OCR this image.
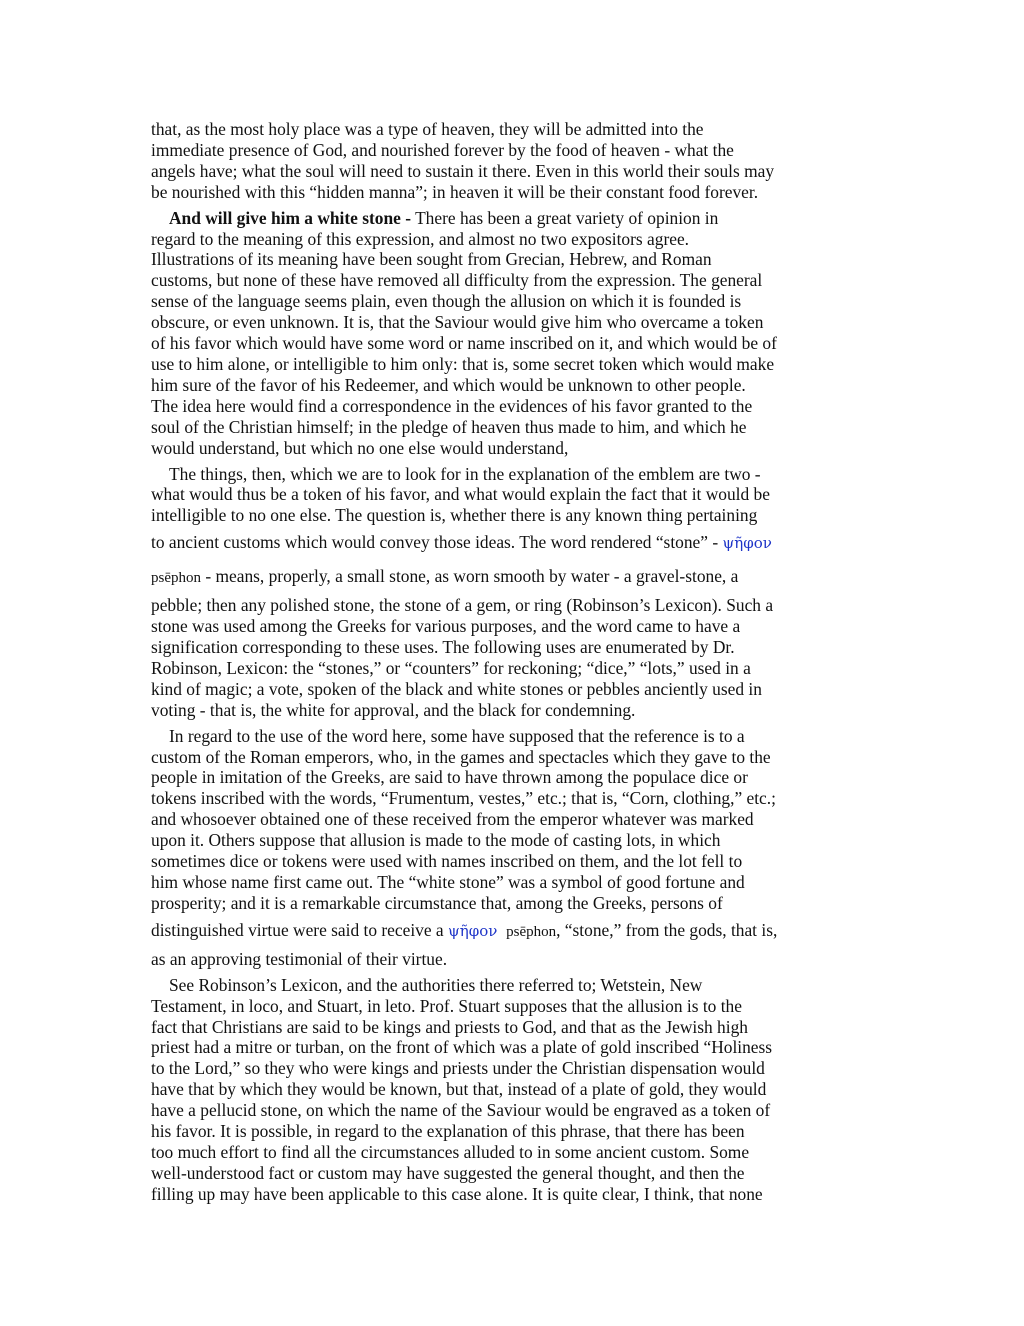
that, as the most holy place was a type of heaven, they will be admitted into the
immediate presence of God, and nourished forever by the food of heaven - what the
angels have; what the soul will need to sustain it there. Even in this world their souls may
be nourished with this “hidden manna”; in heaven it will be their constant food forever.
And will give him a white stone - There has been a great variety of opinion in
regard to the meaning of this expression, and almost no two expositors agree.
Illustrations of its meaning have been sought from Grecian, Hebrew, and Roman
customs, but none of these have removed all difficulty from the expression. The general
sense of the language seems plain, even though the allusion on which it is founded is
obscure, or even unknown. It is, that the Saviour would give him who overcame a token
of his favor which would have some word or name inscribed on it, and which would be of
use to him alone, or intelligible to him only: that is, some secret token which would make
him sure of the favor of his Redeemer, and which would be unknown to other people.
The idea here would find a correspondence in the evidences of his favor granted to the
soul of the Christian himself; in the pledge of heaven thus made to him, and which he
would understand, but which no one else would understand,
The things, then, which we are to look for in the explanation of the emblem are two -
what would thus be a token of his favor, and what would explain the fact that it would be
intelligible to no one else. The question is, whether there is any known thing pertaining
to ancient customs which would convey those ideas. The word rendered “stone” - ψῆφον
psēphon - means, properly, a small stone, as worn smooth by water - a gravel-stone, a
pebble; then any polished stone, the stone of a gem, or ring (Robinson’s Lexicon). Such a
stone was used among the Greeks for various purposes, and the word came to have a
signification corresponding to these uses. The following uses are enumerated by Dr.
Robinson, Lexicon: the “stones,” or “counters” for reckoning; “dice,” “lots,” used in a
kind of magic; a vote, spoken of the black and white stones or pebbles anciently used in
voting - that is, the white for approval, and the black for condemning.
In regard to the use of the word here, some have supposed that the reference is to a
custom of the Roman emperors, who, in the games and spectacles which they gave to the
people in imitation of the Greeks, are said to have thrown among the populace dice or
tokens inscribed with the words, “Frumentum, vestes,” etc.; that is, “Corn, clothing,” etc.;
and whosoever obtained one of these received from the emperor whatever was marked
upon it. Others suppose that allusion is made to the mode of casting lots, in which
sometimes dice or tokens were used with names inscribed on them, and the lot fell to
him whose name first came out. The “white stone” was a symbol of good fortune and
prosperity; and it is a remarkable circumstance that, among the Greeks, persons of
distinguished virtue were said to receive a ψῆφον psēphon, “stone,” from the gods, that is,
as an approving testimonial of their virtue.
See Robinson’s Lexicon, and the authorities there referred to; Wetstein, New
Testament, in loco, and Stuart, in leto. Prof. Stuart supposes that the allusion is to the
fact that Christians are said to be kings and priests to God, and that as the Jewish high
priest had a mitre or turban, on the front of which was a plate of gold inscribed “Holiness
to the Lord,” so they who were kings and priests under the Christian dispensation would
have that by which they would be known, but that, instead of a plate of gold, they would
have a pellucid stone, on which the name of the Saviour would be engraved as a token of
his favor. It is possible, in regard to the explanation of this phrase, that there has been
too much effort to find all the circumstances alluded to in some ancient custom. Some
well-understood fact or custom may have suggested the general thought, and then the
filling up may have been applicable to this case alone. It is quite clear, I think, that none
